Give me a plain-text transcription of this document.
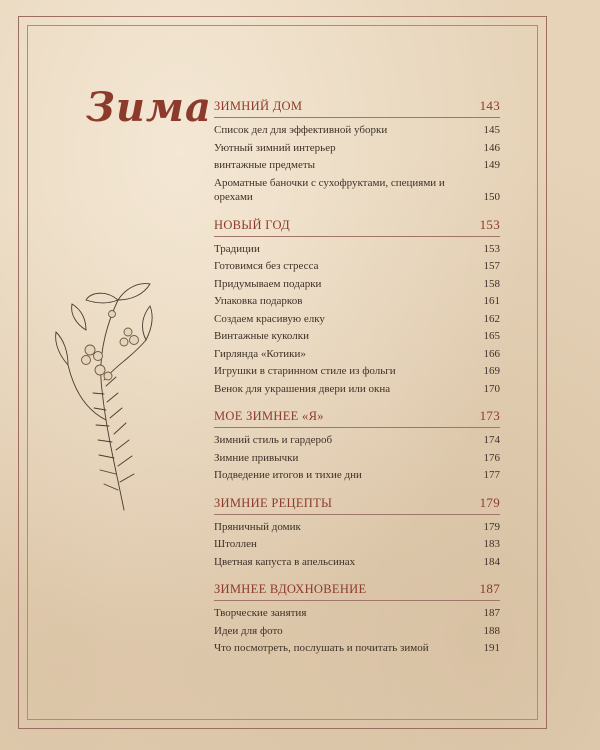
Зима ЗИМНИЙ ДОМ	143
Список дел для эффективной уборки	145
Уютный зимний интерьер	146
винтажные предметы	149
Ароматные баночки с сухофруктами, специями и орехами	150
НОВЫЙ ГОД	153
Традиции	153
Готовимся без стресса	157
Придумываем подарки	158
Упаковка подарков	161
Создаем красивую елку	162
Винтажные куколки	165
Гирлянда «Котики»	166
Игрушки в старинном стиле из фольги	169
Венок для украшения двери или окна	170
МОЕ ЗИМНЕЕ «Я»	173
Зимний стиль и гардероб	174
Зимние привычки	176
Подведение итогов и тихие дни	177
ЗИМНИЕ РЕЦЕПТЫ	179
Пряничный домик	179
Штоллен	183
Цветная капуста в апельсинах	184
ЗИМНЕЕ ВДОХНОВЕНИЕ	187
Творческие занятия	187
Идеи для фото	188
Что посмотреть, послушать и почитать зимой	191
